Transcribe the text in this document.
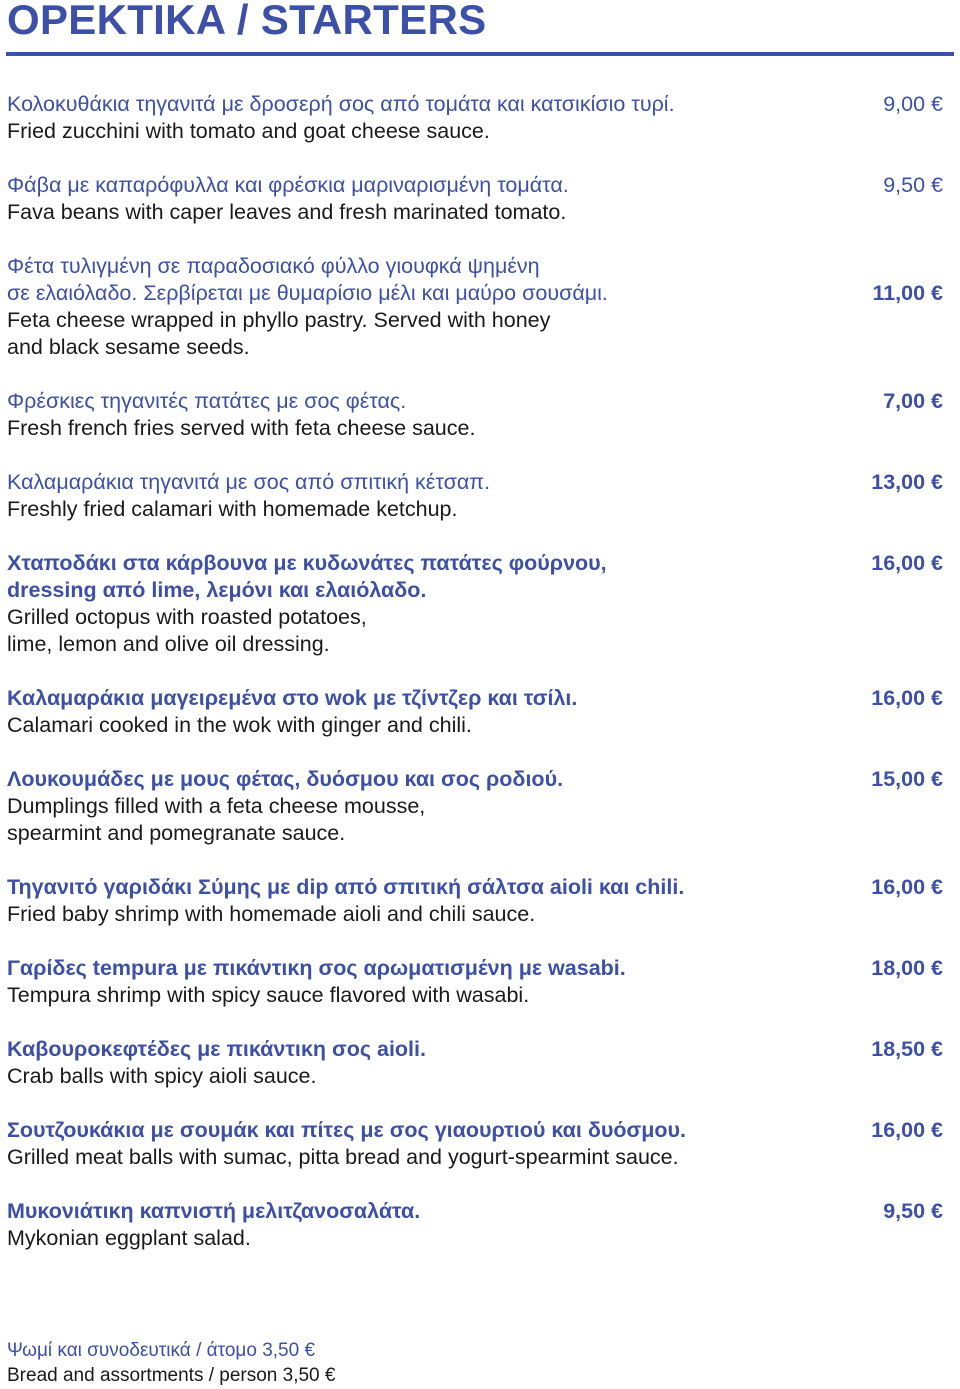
OPEKTIKA / STARTERS
Κολοκυθάκια τηγανιτά με δροσερή σος από τομάτα και κατσικίσιο τυρί.
Fried zucchini with tomato and goat cheese sauce.
9,00 €
Φάβα με καπαρόφυλλα και φρέσκια μαριναρισμένη τομάτα.
Fava beans with caper leaves and fresh marinated tomato.
9,50 €
Φέτα τυλιγμένη σε παραδοσιακό φύλλο γιουφκά ψημένη
σε ελαιόλαδο. Σερβίρεται με θυμαρίσιο μέλι και μαύρο σουσάμι.
Feta cheese wrapped in phyllo pastry. Served with honey
and black sesame seeds.
11,00 €
Φρέσκιες τηγανιτές πατάτες με σος φέτας.
Fresh french fries served with feta cheese sauce.
7,00 €
Καλαμαράκια τηγανιτά με σος από σπιτική κέτσαπ.
Freshly fried calamari with homemade ketchup.
13,00 €
Χταποδάκι στα κάρβουνα με κυδωνάτες πατάτες φούρνου,
dressing από lime, λεμόνι και ελαιόλαδο.
Grilled octopus with roasted potatoes,
lime, lemon and olive oil dressing.
16,00 €
Καλαμαράκια μαγειρεμένα στο wok με τζίντζερ και τσίλι.
Calamari cooked in the wok with ginger and chili.
16,00 €
Λουκουμάδες με μους φέτας, δυόσμου και σος ροδιού.
Dumplings filled with a feta cheese mousse,
spearmint and pomegranate sauce.
15,00 €
Τηγανιτό γαριδάκι Σύμης με dip από σπιτική σάλτσα aioli και chili.
Fried baby shrimp with homemade aioli and chili sauce.
16,00 €
Γαρίδες tempura με πικάντικη σος αρωματισμένη με wasabi.
Tempura shrimp with spicy sauce flavored with wasabi.
18,00 €
Καβουροκεφτέδες με πικάντικη σος aioli.
Crab balls with spicy aioli sauce.
18,50 €
Σουτζουκάκια με σουμάκ και πίτες με σος γιαουρτιού και δυόσμου.
Grilled meat balls with sumac, pitta bread and yogurt-spearmint sauce.
16,00 €
Μυκονιάτικη καπνιστή μελιτζανοσαλάτα.
Mykonian eggplant salad.
9,50 €
Ψωμί και συνοδευτικά / άτομο 3,50 €
Bread and assortments / person 3,50 €
